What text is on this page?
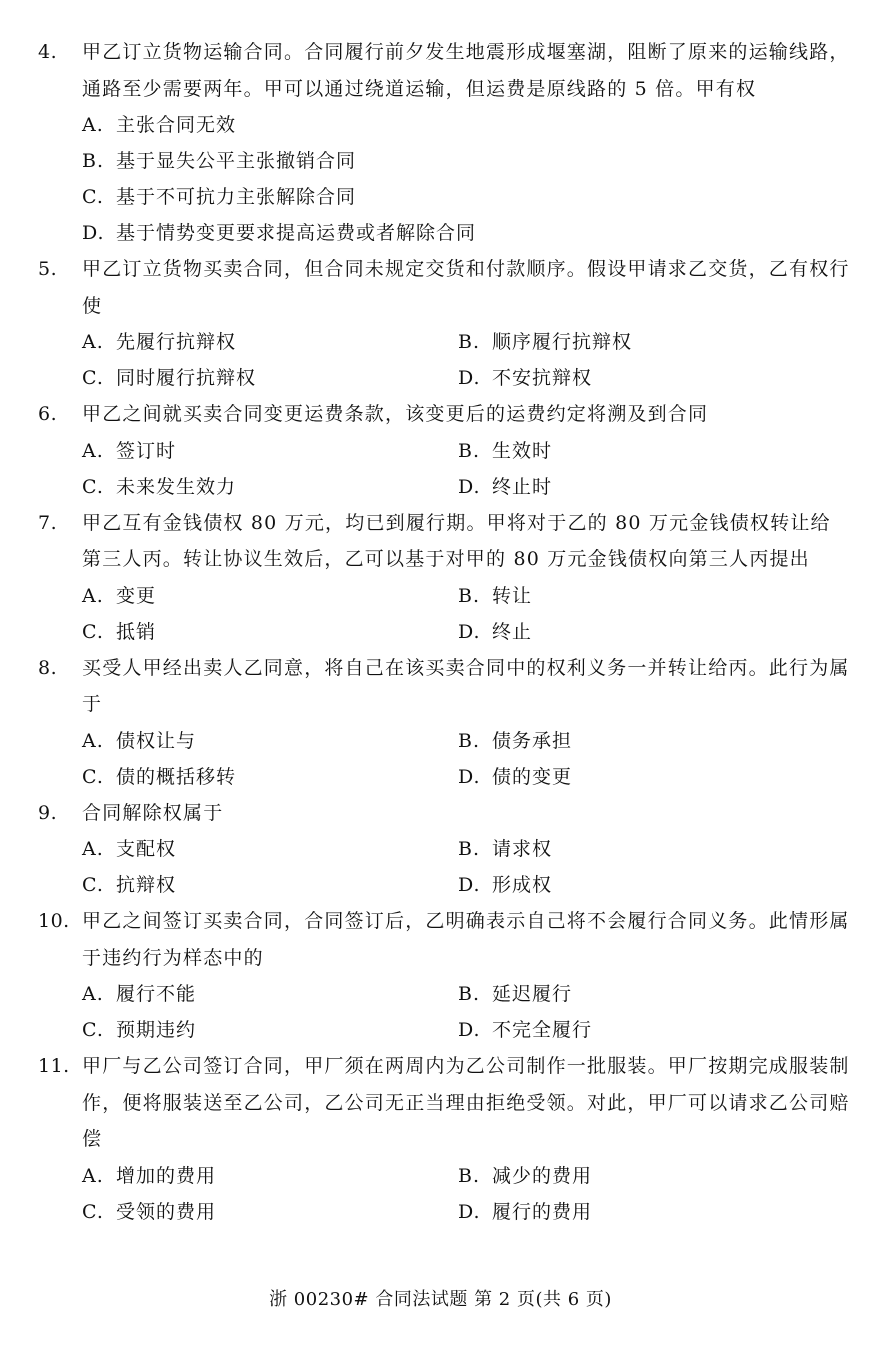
4.	甲乙订立货物运输合同。合同履行前夕发生地震形成堰塞湖，阻断了原来的运输线路，通路至少需要两年。甲可以通过绕道运输，但运费是原线路的 5 倍。甲有权
A. 主张合同无效
B. 基于显失公平主张撤销合同
C. 基于不可抗力主张解除合同
D. 基于情势变更要求提高运费或者解除合同
5.	甲乙订立货物买卖合同，但合同未规定交货和付款顺序。假设甲请求乙交货，乙有权行使
A. 先履行抗辩权	B. 顺序履行抗辩权
C. 同时履行抗辩权	D. 不安抗辩权
6.	甲乙之间就买卖合同变更运费条款，该变更后的运费约定将溯及到合同
A. 签订时	B. 生效时
C. 未来发生效力	D. 终止时
7.	甲乙互有金钱债权 80 万元，均已到履行期。甲将对于乙的 80 万元金钱债权转让给第三人丙。转让协议生效后，乙可以基于对甲的 80 万元金钱债权向第三人丙提出
A. 变更	B. 转让
C. 抵销	D. 终止
8.	买受人甲经出卖人乙同意，将自己在该买卖合同中的权利义务一并转让给丙。此行为属于
A. 债权让与	B. 债务承担
C. 债的概括移转	D. 债的变更
9.	合同解除权属于
A. 支配权	B. 请求权
C. 抗辩权	D. 形成权
10. 甲乙之间签订买卖合同，合同签订后，乙明确表示自己将不会履行合同义务。此情形属于违约行为样态中的
A. 履行不能	B. 延迟履行
C. 预期违约	D. 不完全履行
11. 甲厂与乙公司签订合同，甲厂须在两周内为乙公司制作一批服装。甲厂按期完成服装制作，便将服装送至乙公司，乙公司无正当理由拒绝受领。对此，甲厂可以请求乙公司赔偿
A. 增加的费用	B. 减少的费用
C. 受领的费用	D. 履行的费用
浙 00230# 合同法试题 第 2 页(共 6 页)
